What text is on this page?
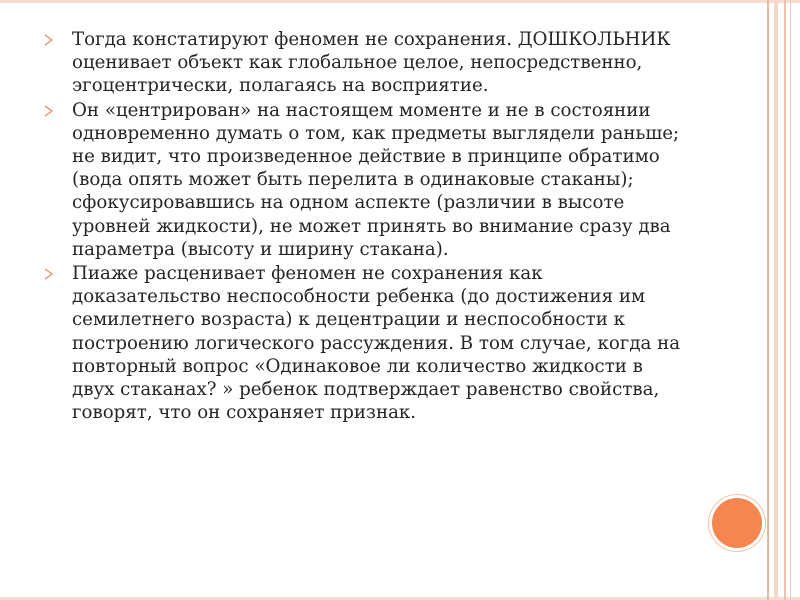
Тогда констатируют феномен не сохранения. ДОШКОЛЬНИК оценивает объект как глобальное целое, непосредственно, эгоцентрически, полагаясь на восприятие.
Он «центрирован» на настоящем моменте и не в состоянии одновременно думать о том, как предметы выглядели раньше; не видит, что произведенное действие в принципе обратимо (вода опять может быть перелита в одинаковые стаканы); сфокусировавшись на одном аспекте (различии в высоте уровней жидкости), не может принять во внимание сразу два параметра (высоту и ширину стакана).
Пиаже расценивает феномен не сохранения как доказательство неспособности ребенка (до достижения им семилетнего возраста) к децентрации и неспособности к построению логического рассуждения. В том случае, когда на повторный вопрос «Одинаковое ли количество жидкости в двух стаканах? » ребенок подтверждает равенство свойства, говорят, что он сохраняет признак.
